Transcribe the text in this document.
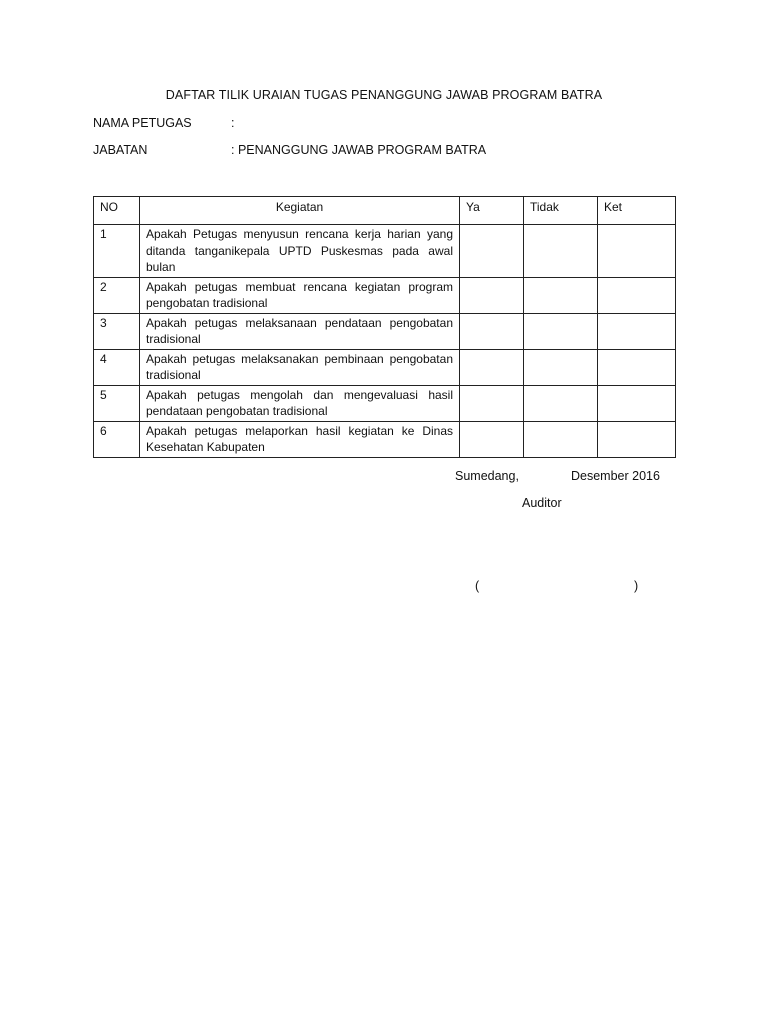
DAFTAR TILIK URAIAN TUGAS PENANGGUNG JAWAB PROGRAM BATRA
NAMA PETUGAS	:
JABATAN	: PENANGGUNG JAWAB PROGRAM BATRA
NO	Kegiatan	Ya	Tidak	Ket
1	Apakah Petugas menyusun rencana kerja harian yang ditanda tanganikepala UPTD Puskesmas pada awal bulan			
2	Apakah petugas membuat rencana kegiatan program pengobatan tradisional			
3	Apakah petugas melaksanaan pendataan pengobatan tradisional			
4	Apakah petugas melaksanakan pembinaan pengobatan tradisional			
5	Apakah petugas mengolah dan mengevaluasi hasil pendataan pengobatan tradisional			
6	Apakah petugas melaporkan hasil kegiatan ke Dinas Kesehatan Kabupaten			
Sumedang,	Desember 2016
Auditor
(	)
